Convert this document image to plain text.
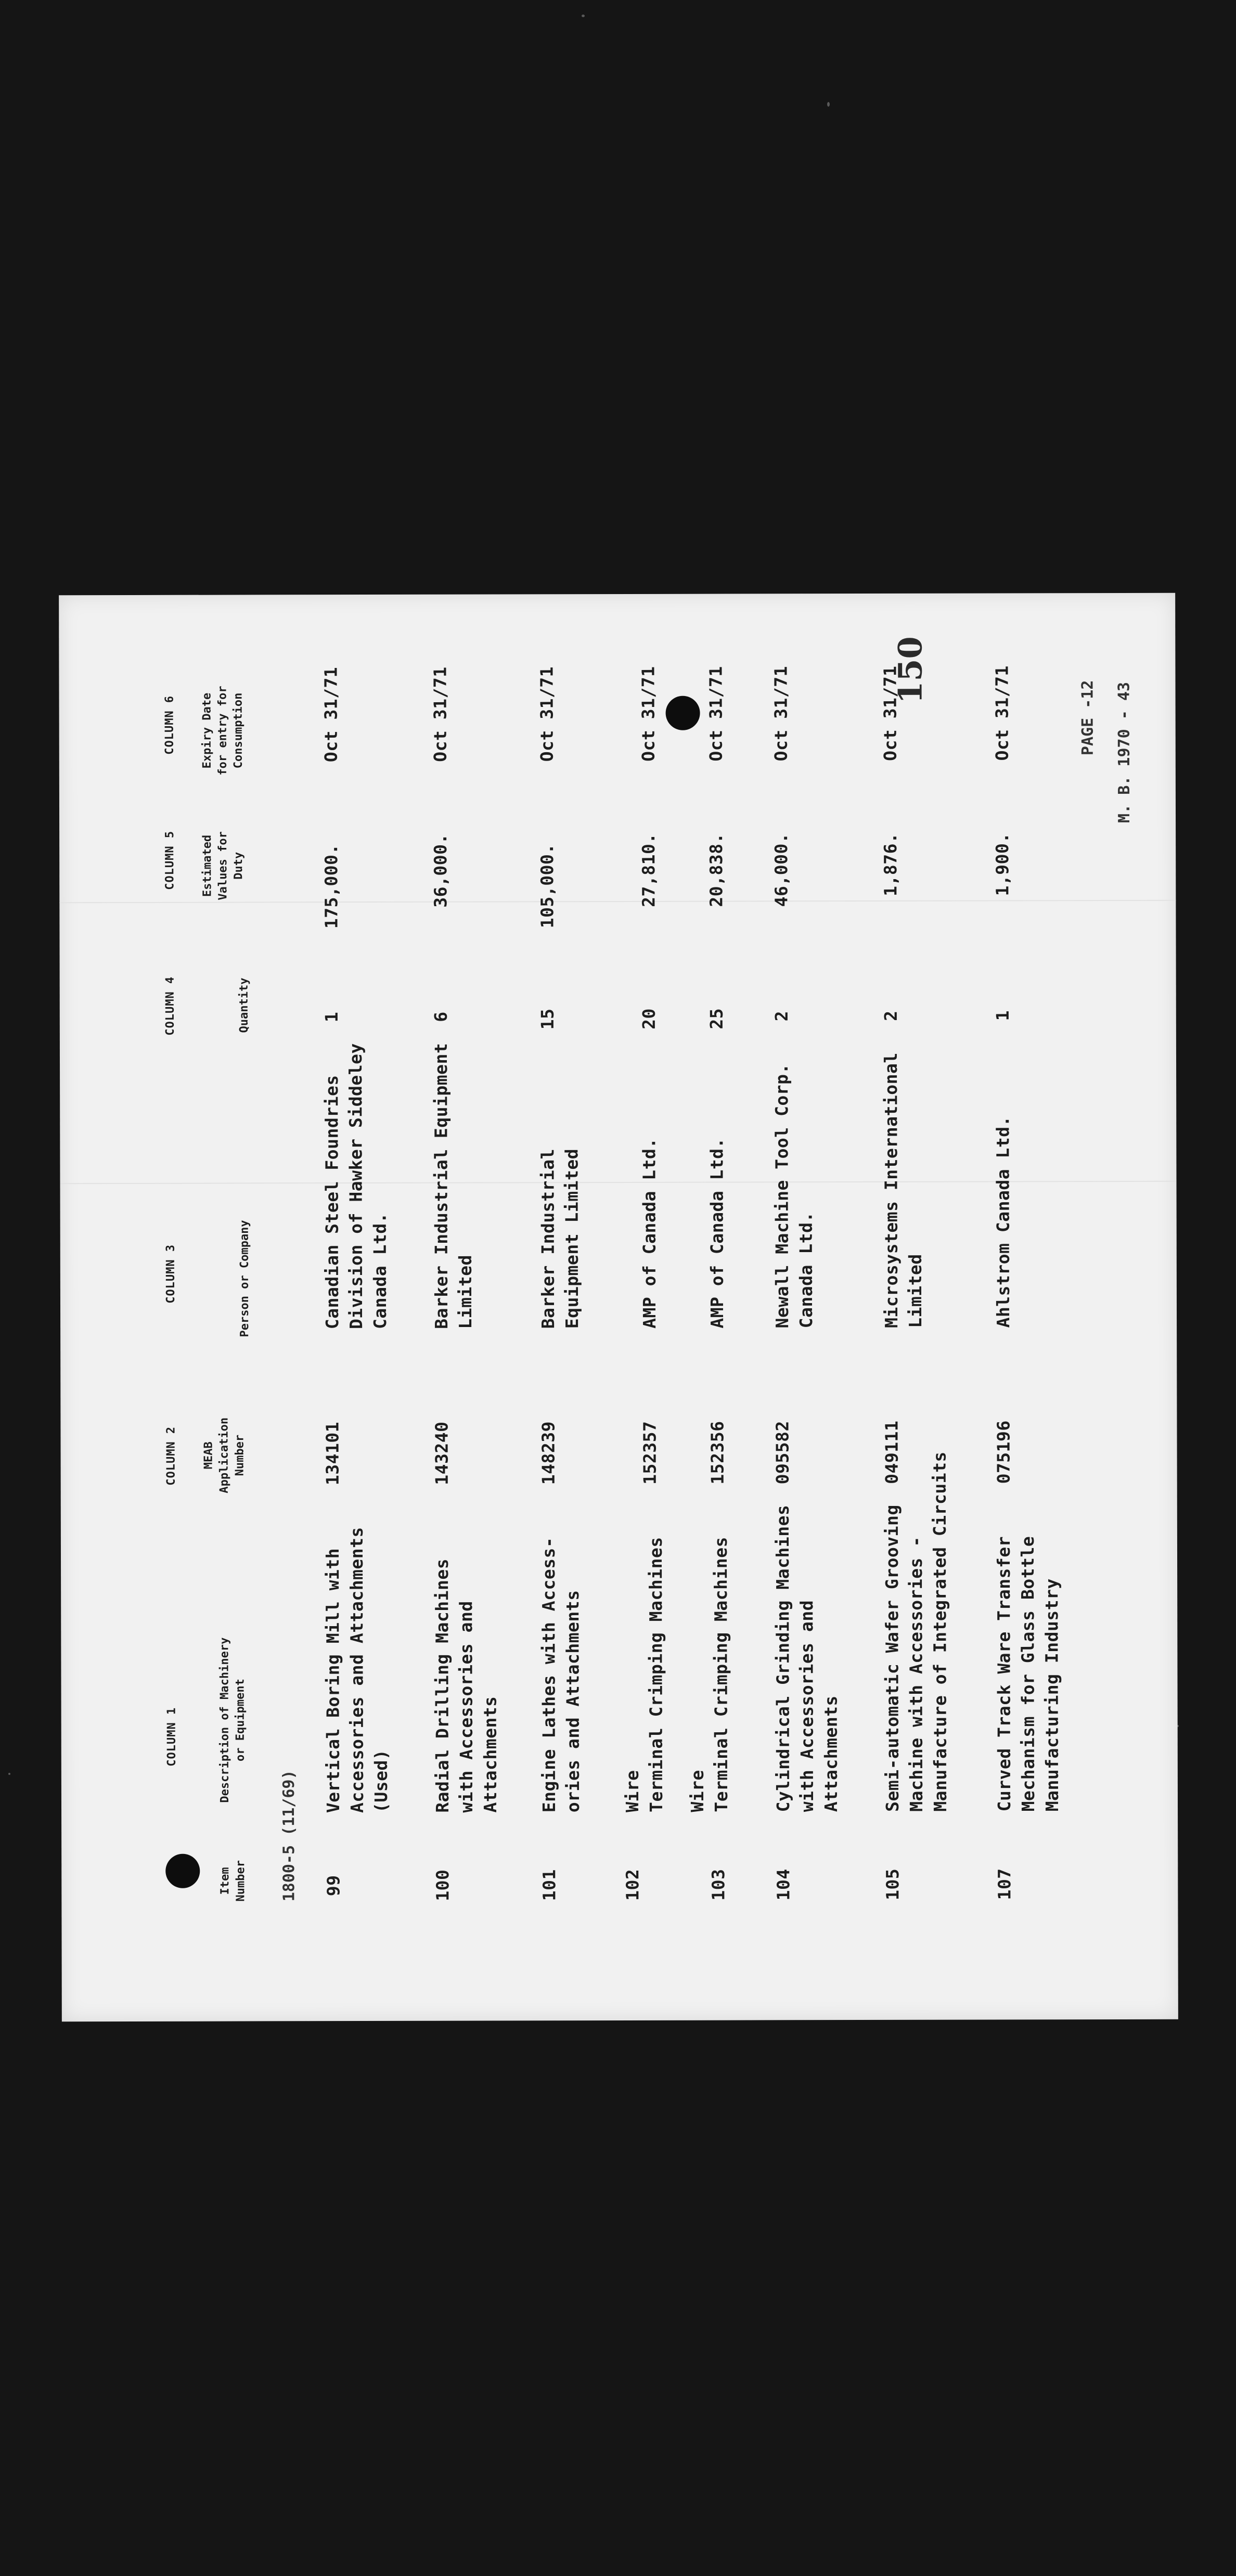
PAGE -12
150
M. B. 1970 - 43
1800-5 (11/69)
COLUMN 1
COLUMN 2
COLUMN 3
COLUMN 4
COLUMN 5
COLUMN 6
Item
Number
Description of Machinery
or Equipment
MEAB
Application
Number
Person or Company
Quantity
Estimated
Values for
Duty
Expiry Date
for entry for
Consumption
99
Vertical Boring Mill with
Accessories and Attachments
(Used)
134101
Canadian Steel Foundries
Division of Hawker Siddeley
Canada Ltd.
1
175,000.
Oct 31/71
100
Radial Drilling Machines
with Accessories and
Attachments
143240
Barker Industrial Equipment
Limited
6
36,000.
Oct 31/71
101
Engine Lathes with Access-
ories and Attachments
148239
Barker Industrial
Equipment Limited
15
105,000.
Oct 31/71
102
Wire
Terminal Crimping Machines
152357
AMP of Canada Ltd.
20
27,810.
Oct 31/71
103
Wire
Terminal Crimping Machines
152356
AMP of Canada Ltd.
25
20,838.
Oct 31/71
104
Cylindrical Grinding Machines
with Accessories and
Attachments
095582
Newall Machine Tool Corp.
Canada Ltd.
2
46,000.
Oct 31/71
105
Semi-automatic Wafer Grooving
Machine with Accessories -
Manufacture of Integrated Circuits
049111
Microsystems International
Limited
2
1,876.
Oct 31/71
107
Curved Track Ware Transfer
Mechanism for Glass Bottle
Manufacturing Industry
075196
Ahlstrom Canada Ltd.
1
1,900.
Oct 31/71
